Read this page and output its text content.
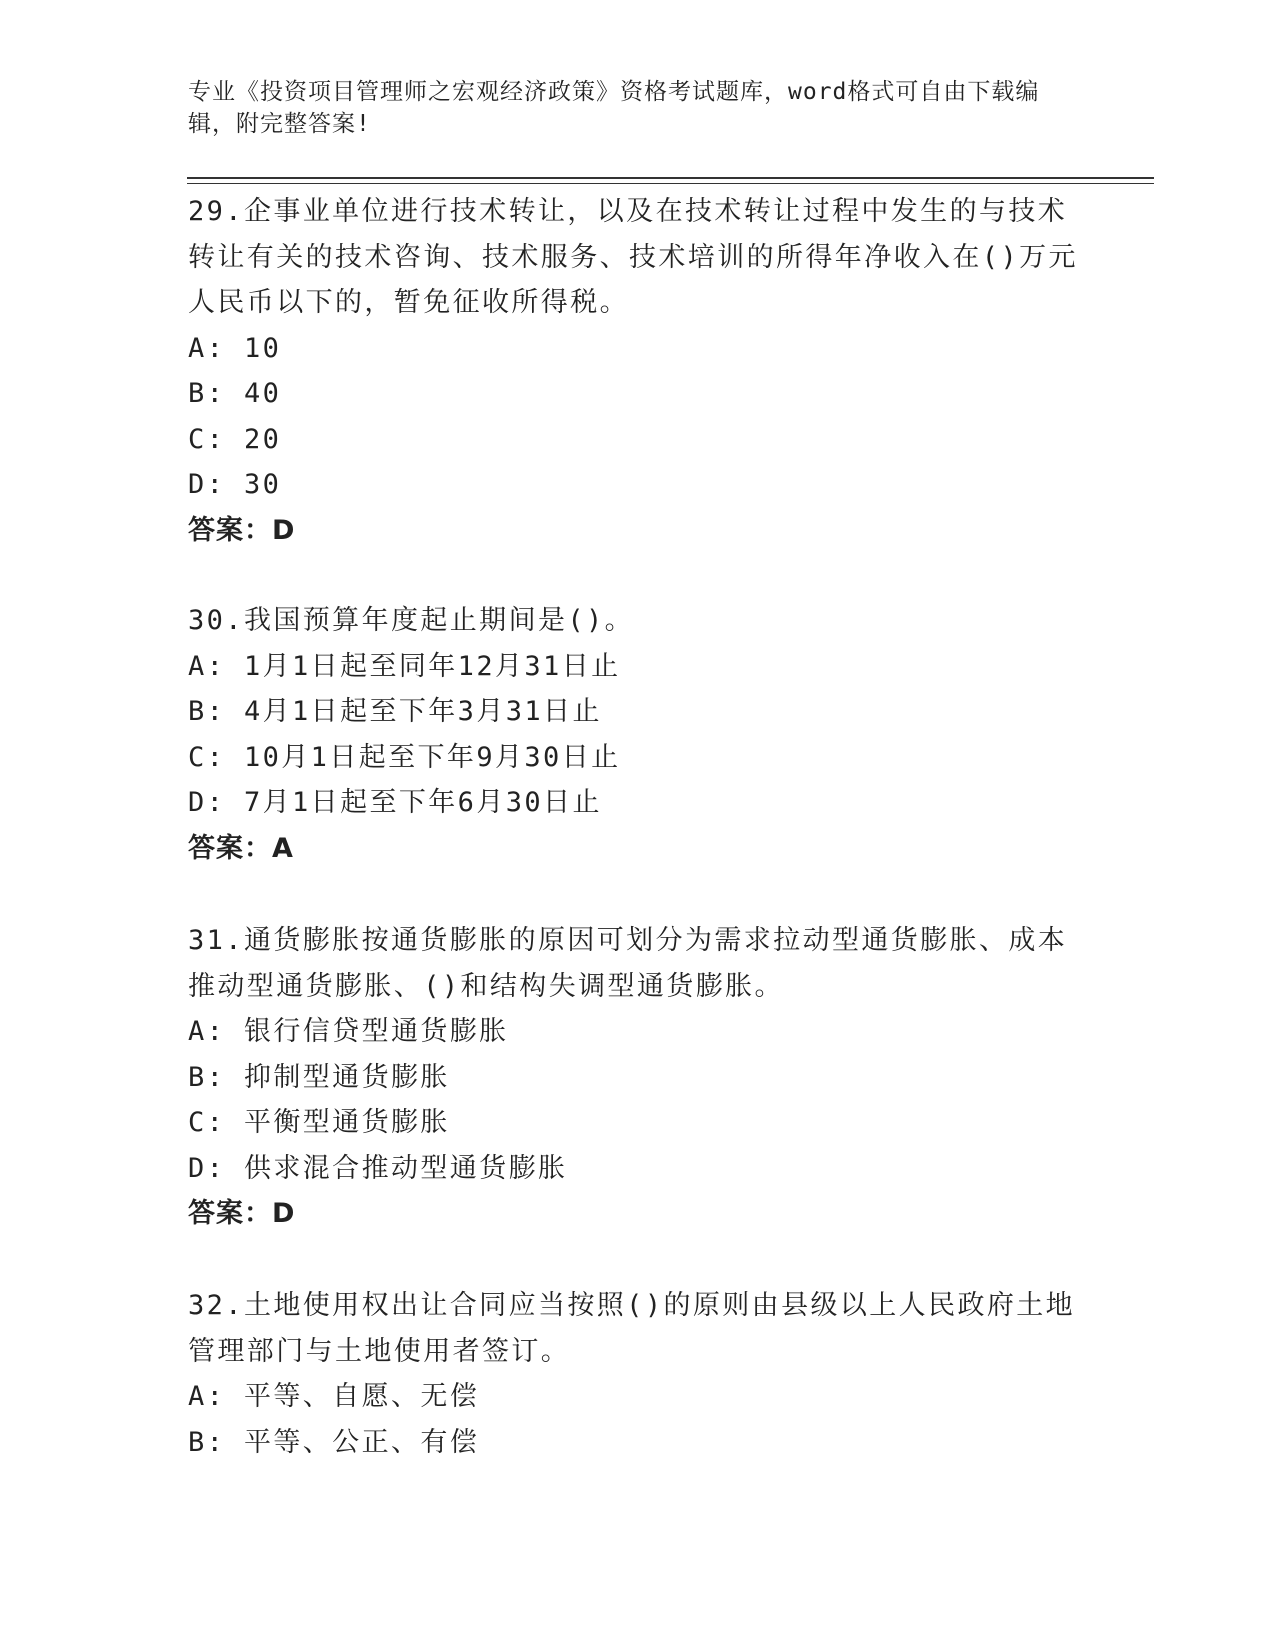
专业《投资项目管理师之宏观经济政策》资格考试题库，word格式可自由下载编辑，附完整答案!
29.企事业单位进行技术转让，以及在技术转让过程中发生的与技术转让有关的技术咨询、技术服务、技术培训的所得年净收入在()万元人民币以下的，暂免征收所得税。
A: 10
B: 40
C: 20
D: 30
答案：D
30.我国预算年度起止期间是()。
A: 1月1日起至同年12月31日止
B: 4月1日起至下年3月31日止
C: 10月1日起至下年9月30日止
D: 7月1日起至下年6月30日止
答案：A
31.通货膨胀按通货膨胀的原因可划分为需求拉动型通货膨胀、成本推动型通货膨胀、()和结构失调型通货膨胀。
A: 银行信贷型通货膨胀
B: 抑制型通货膨胀
C: 平衡型通货膨胀
D: 供求混合推动型通货膨胀
答案：D
32.土地使用权出让合同应当按照()的原则由县级以上人民政府土地管理部门与土地使用者签订。
A: 平等、自愿、无偿
B: 平等、公正、有偿
